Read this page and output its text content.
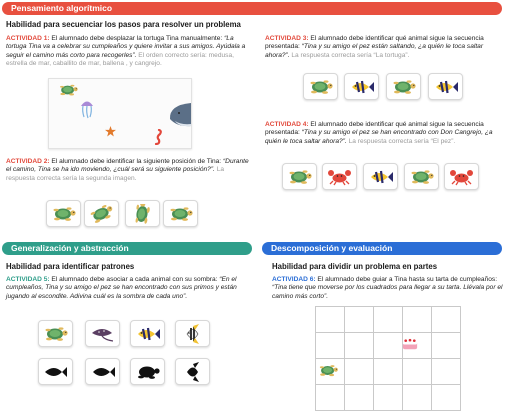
Pensamiento algorítmico
Habilidad para secuenciar los pasos para resolver un problema
ACTIVIDAD 1: El alumnado debe desplazar la tortuga Tina manualmente: “La tortuga Tina va a celebrar su cumpleaños y quiere invitar a sus amigos. Ayúdala a seguir el camino más corto para recogerles”. El orden correcto sería: medusa, estrella de mar, caballito de mar, ballena , y cangrejo.
ACTIVIDAD 2: El alumnado debe identificar la siguiente posición de Tina: “Durante el camino, Tina se ha ido moviendo, ¿cuál será su siguiente posición?”. La respuesta correcta sería la segunda imagen.
ACTIVIDAD 3: El alumnado debe identificar qué animal sigue la secuencia presentada: “Tina y su amigo el pez están saltando, ¿a quién le toca saltar ahora?”. La respuesta correcta sería “La tortuga”.
ACTIVIDAD 4: El alumnado debe identificar qué animal sigue la secuencia presentada: “Tina y su amigo el pez se han encontrado con Don Cangrejo, ¿a quién le toca saltar ahora?”. La respuesta correcta sería “El pez”.
Generalización y abstracción
Habilidad para identificar patrones
ACTIVIDAD 5: El alumnado debe asociar a cada animal con su sombra: “En el cumpleaños, Tina y su amigo el pez se han encontrado con sus primos y están jugando al escondite. Adivina cuál es la sombra de cada uno”.
Descomposición y evaluación
Habilidad para dividir un problema en partes
ACTIVIDAD 6: El alumnado debe guiar a Tina hasta su tarta de cumpleaños: “Tina tiene que moverse por los cuadrados para llegar a su tarta. Llévala por el camino más corto”.
